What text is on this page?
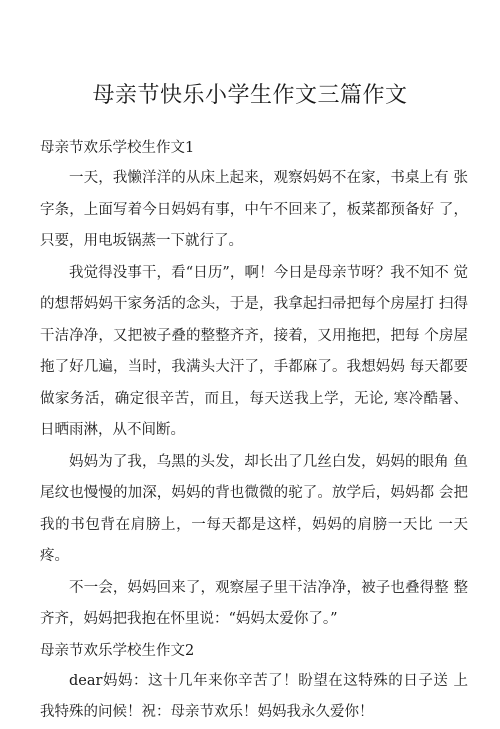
母亲节快乐小学生作文三篇作文

母亲节欢乐学校生作文1

一天，我懒洋洋的从床上起来，观察妈妈不在家，书桌上有 张字条，上面写着今日妈妈有事，中午不回来了，板菜都预备好 了，只要，用电坂锅蒸一下就行了。

我觉得没事干，看“日历”，啊！今日是母亲节呀？我不知不 觉的想帮妈妈干家务活的念头，于是，我拿起扫帚把每个房屋打 扫得干洁净净，又把被子叠的整整齐齐，接着，又用拖把，把每 个房屋拖了好几遍，当时，我满头大汗了，手都麻了。我想妈妈 每天都要做家务活，确定很辛苦，而且，每天送我上学，无论, 寒冷酷暑、日晒雨淋，从不间断。

妈妈为了我，乌黑的头发，却长出了几丝白发，妈妈的眼角 鱼尾纹也慢慢的加深，妈妈的背也微微的驼了。放学后，妈妈都 会把我的书包背在肩膀上，一每天都是这样，妈妈的肩膀一天比 一天疼。

不一会，妈妈回来了，观察屋子里干洁净净，被子也叠得整 整齐齐，妈妈把我抱在怀里说：“妈妈太爱你了。”

母亲节欢乐学校生作文2

dear妈妈：这十几年来你辛苦了！盼望在这特殊的日子送 上我特殊的问候！祝：母亲节欢乐！妈妈我永久爱你！
